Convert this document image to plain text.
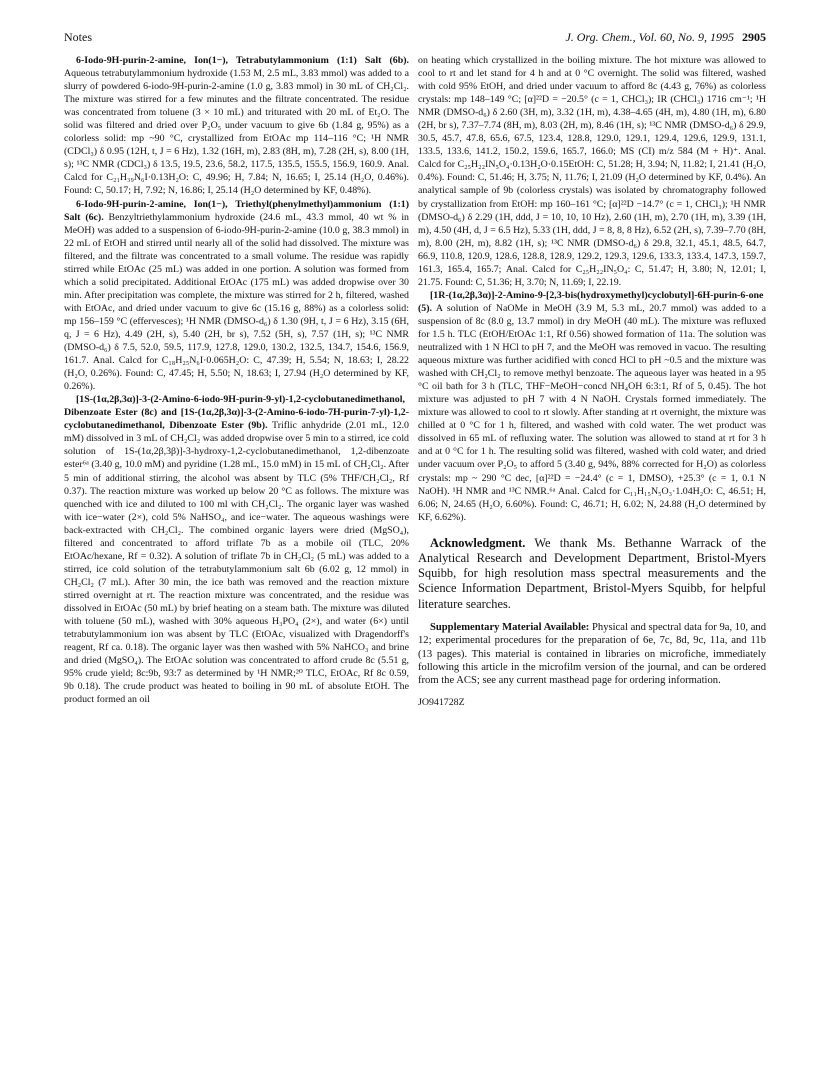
Notes	J. Org. Chem., Vol. 60, No. 9, 1995 2905

6-Iodo-9H-purin-2-amine, Ion(1−), Tetrabutylammonium (1:1) Salt (6b). Aqueous tetrabutylammonium hydroxide (1.53 M, 2.5 mL, 3.83 mmol) was added to a slurry of powdered 6-iodo-9H-purin-2-amine (1.0 g, 3.83 mmol) in 30 mL of CH₂Cl₂. The mixture was stirred for a few minutes and the filtrate concentrated. The residue was concentrated from toluene (3 × 10 mL) and triturated with 20 mL of Et₂O. The solid was filtered and dried over P₂O₅ under vacuum to give 6b (1.84 g, 95%) as a colorless solid: mp ~90 °C, crystallized from EtOAc mp 114–116 °C; ¹H NMR (CDCl₃) δ 0.95 (12H, t, J = 6 Hz), 1.32 (16H, m), 2.83 (8H, m), 7.28 (2H, s), 8.00 (1H, s); ¹³C NMR (CDCl₃) δ 13.5, 19.5, 23.6, 58.2, 117.5, 135.5, 155.5, 156.9, 160.9. Anal. Calcd for C₂₁H₃₉N₆I·0.13H₂O: C, 49.96; H, 7.84; N, 16.65; I, 25.14 (H₂O, 0.46%). Found: C, 50.17; H, 7.92; N, 16.86; I, 25.14 (H₂O determined by KF, 0.48%).

6-Iodo-9H-purin-2-amine, Ion(1−), Triethyl(phenylmethyl)ammonium (1:1) Salt (6c). Benzyltriethylammonium hydroxide (24.6 mL, 43.3 mmol, 40 wt % in MeOH) was added to a suspension of 6-iodo-9H-purin-2-amine (10.0 g, 38.3 mmol) in 22 mL of EtOH and stirred until nearly all of the solid had dissolved. The mixture was filtered, and the filtrate was concentrated to a small volume. The residue was rapidly stirred while EtOAc (25 mL) was added in one portion. A solution was formed from which a solid precipitated. Additional EtOAc (175 mL) was added dropwise over 30 min. After precipitation was complete, the mixture was stirred for 2 h, filtered, washed with EtOAc, and dried under vacuum to give 6c (15.16 g, 88%) as a colorless solid: mp 156–159 °C (effervesces); ¹H NMR (DMSO-d₆) δ 1.30 (9H, t, J = 6 Hz), 3.15 (6H, q, J = 6 Hz), 4.49 (2H, s), 5.40 (2H, br s), 7.52 (5H, s), 7.57 (1H, s); ¹³C NMR (DMSO-d₆) δ 7.5, 52.0, 59.5, 117.9, 127.8, 129.0, 130.2, 132.5, 134.7, 154.6, 156.9, 161.7. Anal. Calcd for C₁₈H₂₅N₆I·0.065H₂O: C, 47.39; H, 5.54; N, 18.63; I, 28.22 (H₂O, 0.26%). Found: C, 47.45; H, 5.50; N, 18.63; I, 27.94 (H₂O determined by KF, 0.26%).

[1S-(1α,2β,3α)]-3-(2-Amino-6-iodo-9H-purin-9-yl)-1,2-cyclobutanedimethanol, Dibenzoate Ester (8c) and [1S-(1α,2β,3α)]-3-(2-Amino-6-iodo-7H-purin-7-yl)-1,2-cyclobutanedimethanol, Dibenzoate Ester (9b). Triflic anhydride (2.01 mL, 12.0 mM) dissolved in 3 mL of CH₂Cl₂ was added dropwise over 5 min to a stirred, ice cold solution of 1S-(1α,2β,3β)]-3-hydroxy-1,2-cyclobutanedimethanol, 1,2-dibenzoate ester⁶ᵃ (3.40 g, 10.0 mM) and pyridine (1.28 mL, 15.0 mM) in 15 mL of CH₂Cl₂. After 5 min of additional stirring, the alcohol was absent by TLC (5% THF/CH₂Cl₂, Rf 0.37). The reaction mixture was worked up below 20 °C as follows. The mixture was quenched with ice and diluted to 100 ml with CH₂Cl₂. The organic layer was washed with ice−water (2×), cold 5% NaHSO₄, and ice−water. The aqueous washings were back-extracted with CH₂Cl₂. The combined organic layers were dried (MgSO₄), filtered and concentrated to afford triflate 7b as a mobile oil (TLC, 20% EtOAc/hexane, Rf = 0.32). A solution of triflate 7b in CH₂Cl₂ (5 mL) was added to a stirred, ice cold solution of the tetrabutylammonium salt 6b (6.02 g, 12 mmol) in CH₂Cl₂ (7 mL). After 30 min, the ice bath was removed and the reaction mixture stirred overnight at rt. The reaction mixture was concentrated, and the residue was dissolved in EtOAc (50 mL) by brief heating on a steam bath. The mixture was diluted with toluene (50 mL), washed with 30% aqueous H₃PO₄ (2×), and water (6×) until tetrabutylammonium ion was absent by TLC (EtOAc, visualized with Dragendorff's reagent, Rf ca. 0.18). The organic layer was then washed with 5% NaHCO₃ and brine and dried (MgSO₄). The EtOAc solution was concentrated to afford crude 8c (5.51 g, 95% crude yield; 8c:9b, 93:7 as determined by ¹H NMR;²⁰ TLC, EtOAc, Rf 8c 0.59, 9b 0.18). The crude product was heated to boiling in 90 mL of absolute EtOH. The product formed an oil

on heating which crystallized in the boiling mixture. The hot mixture was allowed to cool to rt and let stand for 4 h and at 0 °C overnight. The solid was filtered, washed with cold 95% EtOH, and dried under vacuum to afford 8c (4.43 g, 76%) as colorless crystals: mp 148–149 °C; [α]²²D = −20.5° (c = 1, CHCl₃); IR (CHCl₃) 1716 cm⁻¹; ¹H NMR (DMSO-d₆) δ 2.60 (3H, m), 3.32 (1H, m), 4.38–4.65 (4H, m), 4.80 (1H, m), 6.80 (2H, br s), 7.37–7.74 (8H, m), 8.03 (2H, m), 8.46 (1H, s); ¹³C NMR (DMSO-d₆) δ 29.9, 30.5, 45.7, 47.8, 65.6, 67.5, 123.4, 128.8, 129.0, 129.1, 129.4, 129.6, 129.9, 131.1, 133.5, 133.6, 141.2, 150.2, 159.6, 165.7, 166.0; MS (CI) m/z 584 (M + H)⁺. Anal. Calcd for C₂₅H₂₂IN₅O₄·0.13H₂O·0.15EtOH: C, 51.28; H, 3.94; N, 11.82; I, 21.41 (H₂O, 0.4%). Found: C, 51.46; H, 3.75; N, 11.76; I, 21.09 (H₂O determined by KF, 0.4%). An analytical sample of 9b (colorless crystals) was isolated by chromatography followed by crystallization from EtOH: mp 160–161 °C; [α]²²D −14.7° (c = 1, CHCl₃); ¹H NMR (DMSO-d₆) δ 2.29 (1H, ddd, J = 10, 10, 10 Hz), 2.60 (1H, m), 2.70 (1H, m), 3.39 (1H, m), 4.50 (4H, d, J = 6.5 Hz), 5.33 (1H, ddd, J = 8, 8, 8 Hz), 6.52 (2H, s), 7.39–7.70 (8H, m), 8.00 (2H, m), 8.82 (1H, s); ¹³C NMR (DMSO-d₆) δ 29.8, 32.1, 45.1, 48.5, 64.7, 66.9, 110.8, 120.9, 128.6, 128.8, 128.9, 129.2, 129.3, 129.6, 133.3, 133.4, 147.3, 159.7, 161.3, 165.4, 165.7; Anal. Calcd for C₂₅H₂₂IN₅O₄: C, 51.47; H, 3.80; N, 12.01; I, 21.75. Found: C, 51.36; H, 3.70; N, 11.69; I, 22.19.

[1R-(1α,2β,3α)]-2-Amino-9-[2,3-bis(hydroxymethyl)cyclobutyl]-6H-purin-6-one (5). A solution of NaOMe in MeOH (3.9 M, 5.3 mL, 20.7 mmol) was added to a suspension of 8c (8.0 g, 13.7 mmol) in dry MeOH (40 mL). The mixture was refluxed for 1.5 h. TLC (EtOH/EtOAc 1:1, Rf 0.56) showed formation of 11a. The solution was neutralized with 1 N HCl to pH 7, and the MeOH was removed in vacuo. The resulting aqueous mixture was further acidified with concd HCl to pH ~0.5 and the mixture was washed with CH₂Cl₂ to remove methyl benzoate. The aqueous layer was heated in a 95 °C oil bath for 3 h (TLC, THF−MeOH−concd NH₄OH 6:3:1, Rf of 5, 0.45). The hot mixture was adjusted to pH 7 with 4 N NaOH. Crystals formed immediately. The mixture was allowed to cool to rt slowly. After standing at rt overnight, the mixture was chilled at 0 °C for 1 h, filtered, and washed with cold water. The wet product was dissolved in 65 mL of refluxing water. The solution was allowed to stand at rt for 3 h and at 0 °C for 1 h. The resulting solid was filtered, washed with cold water, and dried under vacuum over P₂O₅ to afford 5 (3.40 g, 94%, 88% corrected for H₂O) as colorless crystals: mp ~ 290 °C dec, [α]²²D = −24.4° (c = 1, DMSO), +25.3° (c = 1, 0.1 N NaOH). ¹H NMR and ¹³C NMR.⁶ᵃ Anal. Calcd for C₁₁H₁₅N₅O₃·1.04H₂O: C, 46.51; H, 6.06; N, 24.65 (H₂O, 6.60%). Found: C, 46.71; H, 6.02; N, 24.88 (H₂O determined by KF, 6.62%).

Acknowledgment. We thank Ms. Bethanne Warrack of the Analytical Research and Development Department, Bristol-Myers Squibb, for high resolution mass spectral measurements and the Science Information Department, Bristol-Myers Squibb, for helpful literature searches.

Supplementary Material Available: Physical and spectral data for 9a, 10, and 12; experimental procedures for the preparation of 6e, 7c, 8d, 9c, 11a, and 11b (13 pages). This material is contained in libraries on microfiche, immediately following this article in the microfilm version of the journal, and can be ordered from the ACS; see any current masthead page for ordering information.

JO941728Z
